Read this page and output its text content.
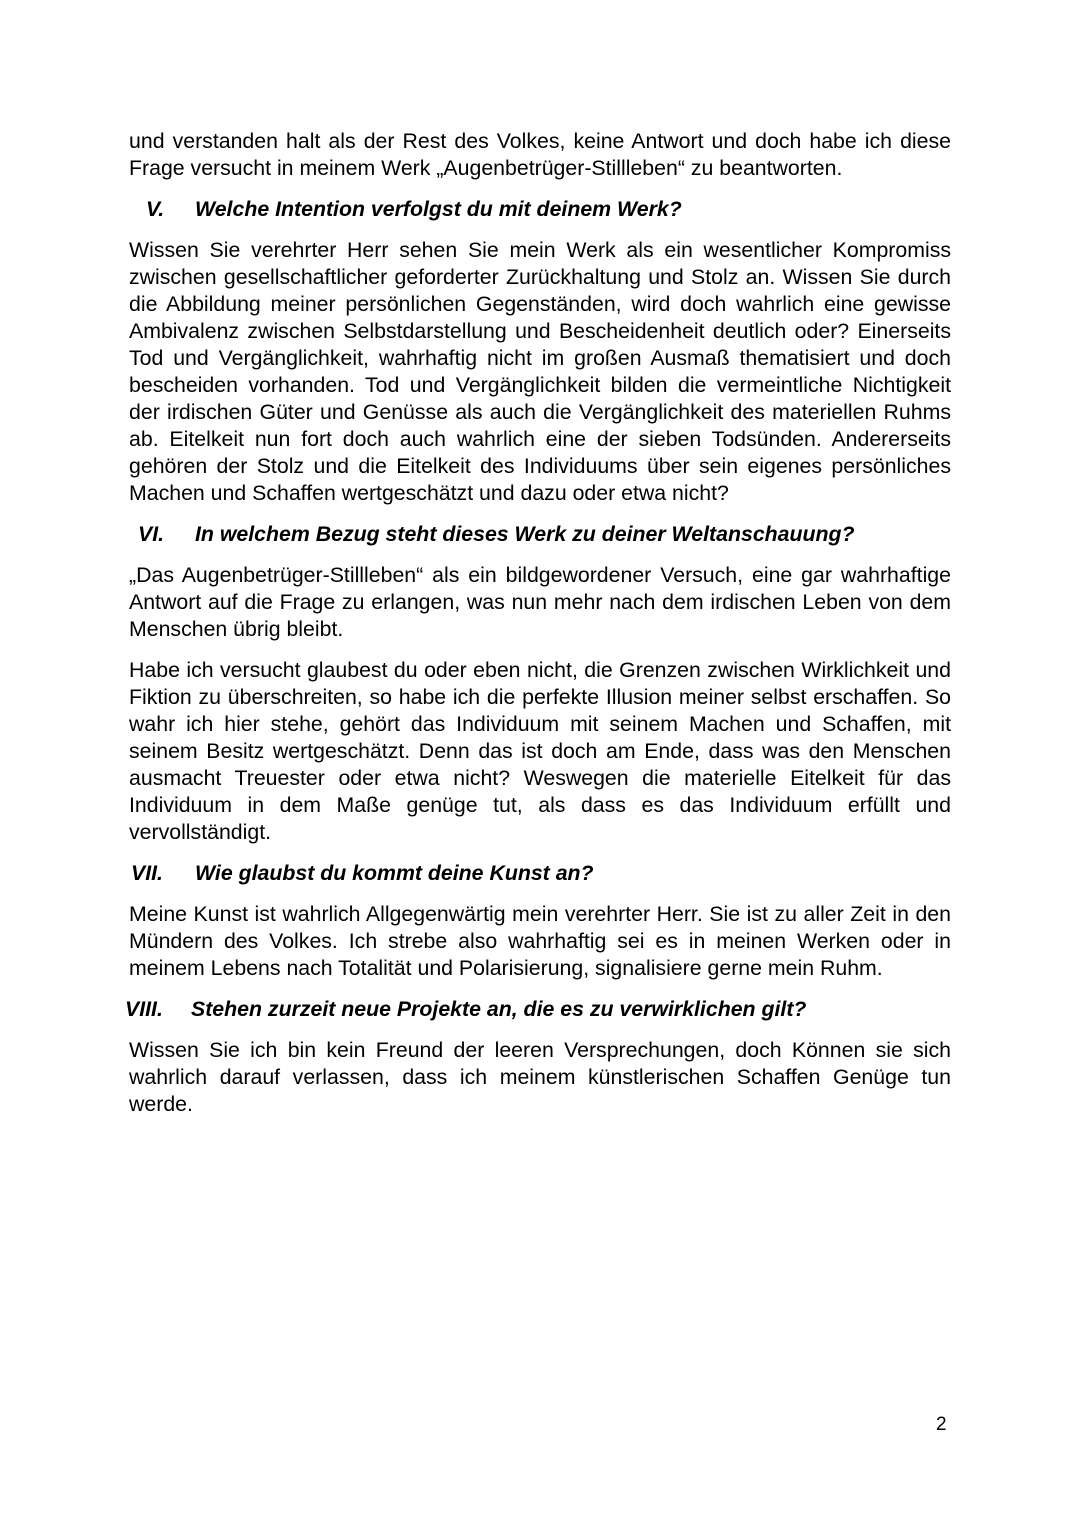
und verstanden halt als der Rest des Volkes, keine Antwort und doch habe ich diese Frage versucht in meinem Werk „Augenbetrüger-Stillleben“ zu beantworten.

V.	Welche Intention verfolgst du mit deinem Werk?

Wissen Sie verehrter Herr sehen Sie mein Werk als ein wesentlicher Kompromiss zwischen gesellschaftlicher geforderter Zurückhaltung und Stolz an. Wissen Sie durch die Abbildung meiner persönlichen Gegenständen, wird doch wahrlich eine gewisse Ambivalenz zwischen Selbstdarstellung und Bescheidenheit deutlich oder? Einerseits Tod und Vergänglichkeit, wahrhaftig nicht im großen Ausmaß thematisiert und doch bescheiden vorhanden. Tod und Vergänglichkeit bilden die vermeintliche Nichtigkeit der irdischen Güter und Genüsse als auch die Vergänglichkeit des materiellen Ruhms ab. Eitelkeit nun fort doch auch wahrlich eine der sieben Todsünden. Andererseits gehören der Stolz und die Eitelkeit des Individuums über sein eigenes persönliches Machen und Schaffen wertgeschätzt und dazu oder etwa nicht?

VI.	In welchem Bezug steht dieses Werk zu deiner Weltanschauung?

„Das Augenbetrüger-Stillleben“ als ein bildgewordener Versuch, eine gar wahrhaftige Antwort auf die Frage zu erlangen, was nun mehr nach dem irdischen Leben von dem Menschen übrig bleibt.

Habe ich versucht glaubest du oder eben nicht, die Grenzen zwischen Wirklichkeit und Fiktion zu überschreiten, so habe ich die perfekte Illusion meiner selbst erschaffen. So wahr ich hier stehe, gehört das Individuum mit seinem Machen und Schaffen, mit seinem Besitz wertgeschätzt. Denn das ist doch am Ende, dass was den Menschen ausmacht Treuester oder etwa nicht? Weswegen die materielle Eitelkeit für das Individuum in dem Maße genüge tut, als dass es das Individuum erfüllt und vervollständigt.

VII.	Wie glaubst du kommt deine Kunst an?

Meine Kunst ist wahrlich Allgegenwärtig mein verehrter Herr. Sie ist zu aller Zeit in den Mündern des Volkes. Ich strebe also wahrhaftig sei es in meinen Werken oder in meinem Lebens nach Totalität und Polarisierung, signalisiere gerne mein Ruhm.

VIII.	Stehen zurzeit neue Projekte an, die es zu verwirklichen gilt?

Wissen Sie ich bin kein Freund der leeren Versprechungen, doch Können sie sich wahrlich darauf verlassen, dass ich meinem künstlerischen Schaffen Genüge tun werde.

2
